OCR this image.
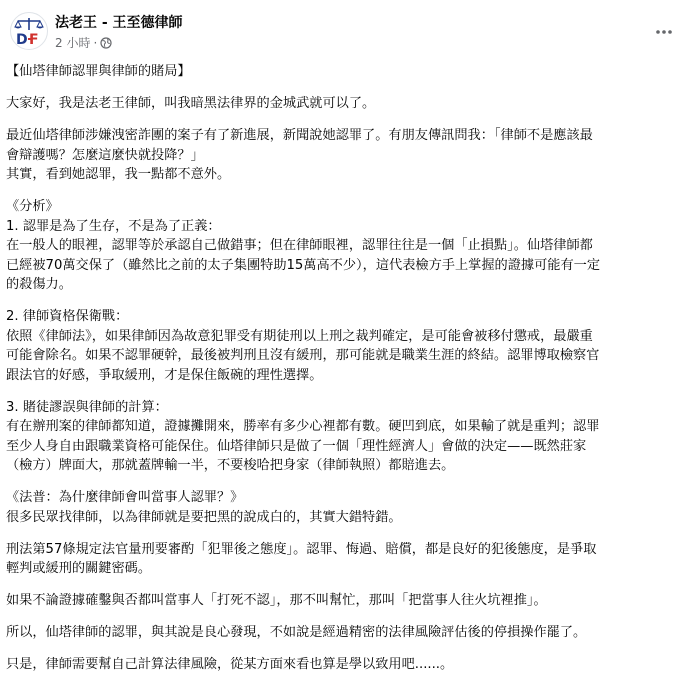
D F
法老王 - 王至德律師
2 小時 ·

【仙塔律師認罪與律師的賭局】

大家好，我是法老王律師，叫我暗黑法律界的金城武就可以了。

最近仙塔律師涉嫌洩密詐團的案子有了新進展，新聞說她認罪了。有朋友傳訊問我：「律師不是應該最
會辯護嗎？怎麼這麼快就投降？」
其實，看到她認罪，我一點都不意外。

《分析》
1. 認罪是為了生存，不是為了正義：
在一般人的眼裡，認罪等於承認自己做錯事；但在律師眼裡，認罪往往是一個「止損點」。仙塔律師都
已經被70萬交保了（雖然比之前的太子集團特助15萬高不少），這代表檢方手上掌握的證據可能有一定
的殺傷力。

2. 律師資格保衛戰：
依照《律師法》，如果律師因為故意犯罪受有期徒刑以上刑之裁判確定，是可能會被移付懲戒，最嚴重
可能會除名。如果不認罪硬幹，最後被判刑且沒有緩刑，那可能就是職業生涯的終結。認罪博取檢察官
跟法官的好感，爭取緩刑，才是保住飯碗的理性選擇。

3. 賭徒謬誤與律師的計算：
有在辦刑案的律師都知道，證據攤開來，勝率有多少心裡都有數。硬凹到底，如果輸了就是重判；認罪
至少人身自由跟職業資格可能保住。仙塔律師只是做了一個「理性經濟人」會做的決定——既然莊家
（檢方）牌面大，那就蓋牌輸一半，不要梭哈把身家（律師執照）都賠進去。

《法普：為什麼律師會叫當事人認罪？》
很多民眾找律師，以為律師就是要把黑的說成白的，其實大錯特錯。

刑法第57條規定法官量刑要審酌「犯罪後之態度」。認罪、悔過、賠償，都是良好的犯後態度，是爭取
輕判或緩刑的關鍵密碼。

如果不論證據確鑿與否都叫當事人「打死不認」，那不叫幫忙，那叫「把當事人往火坑裡推」。

所以，仙塔律師的認罪，與其說是良心發現，不如說是經過精密的法律風險評估後的停損操作罷了。

只是，律師需要幫自己計算法律風險，從某方面來看也算是學以致用吧......。
